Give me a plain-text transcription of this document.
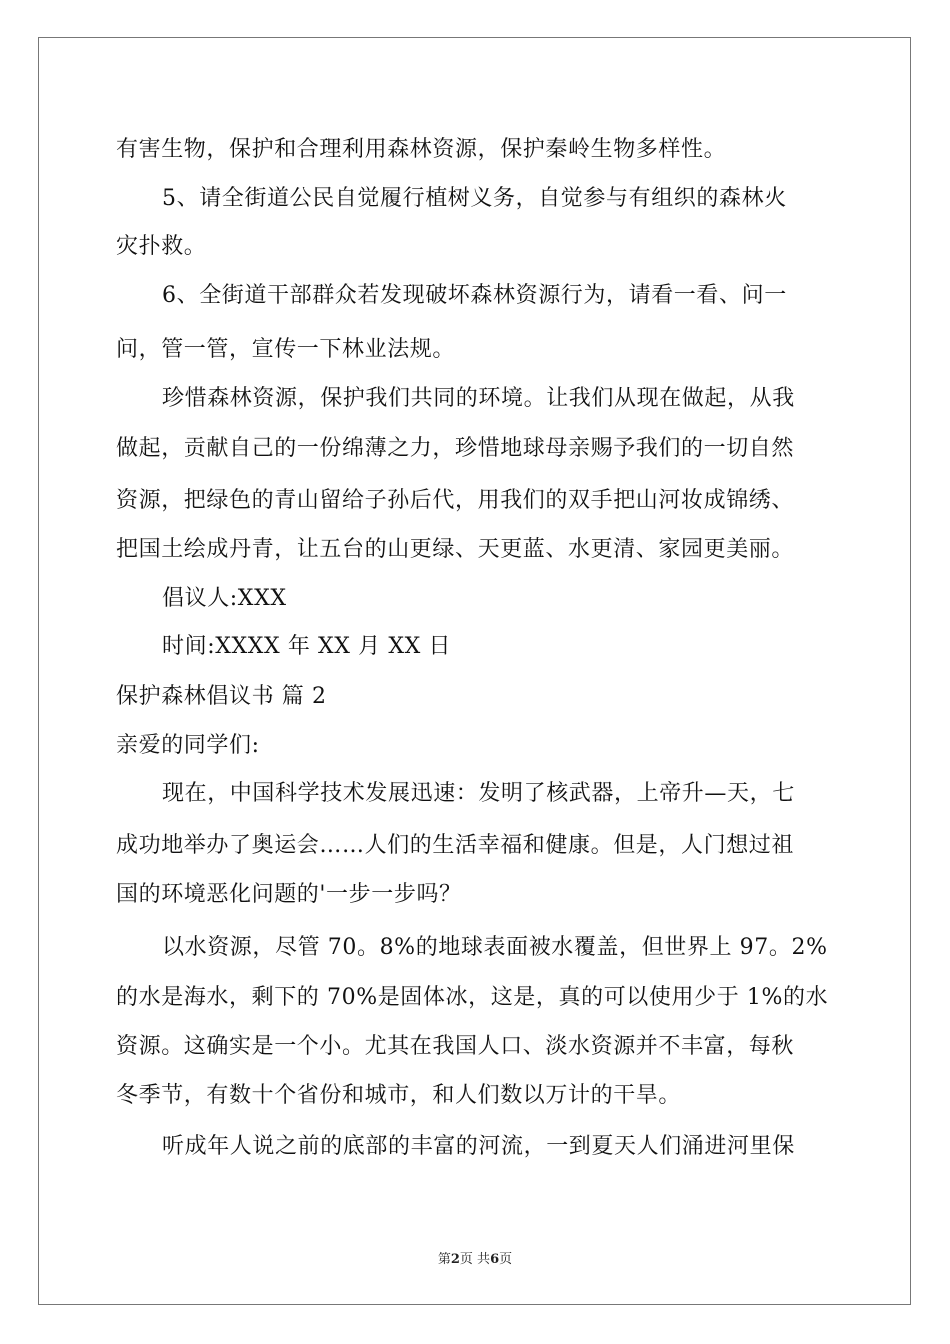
有害生物，保护和合理利用森林资源，保护秦岭生物多样性。
5、请全街道公民自觉履行植树义务，自觉参与有组织的森林火
灾扑救。
6、全街道干部群众若发现破坏森林资源行为，请看一看、问一
问，管一管，宣传一下林业法规。
珍惜森林资源，保护我们共同的环境。让我们从现在做起，从我
做起，贡献自己的一份绵薄之力，珍惜地球母亲赐予我们的一切自然
资源，把绿色的青山留给子孙后代，用我们的双手把山河妆成锦绣、
把国土绘成丹青，让五台的山更绿、天更蓝、水更清、家园更美丽。
倡议人:XXX
时间:XXXX 年 XX 月 XX 日
保护森林倡议书 篇 2
亲爱的同学们:
现在，中国科学技术发展迅速：发明了核武器，上帝升—天，七
成功地举办了奥运会……人们的生活幸福和健康。但是，人门想过祖
国的环境恶化问题的'一步一步吗？
以水资源，尽管 70。8%的地球表面被水覆盖，但世界上 97。2%
的水是海水，剩下的 70%是固体冰，这是，真的可以使用少于 1%的水
资源。这确实是一个小。尤其在我国人口、淡水资源并不丰富，每秋
冬季节，有数十个省份和城市，和人们数以万计的干旱。
听成年人说之前的底部的丰富的河流，一到夏天人们涌进河里保
第2页 共6页
